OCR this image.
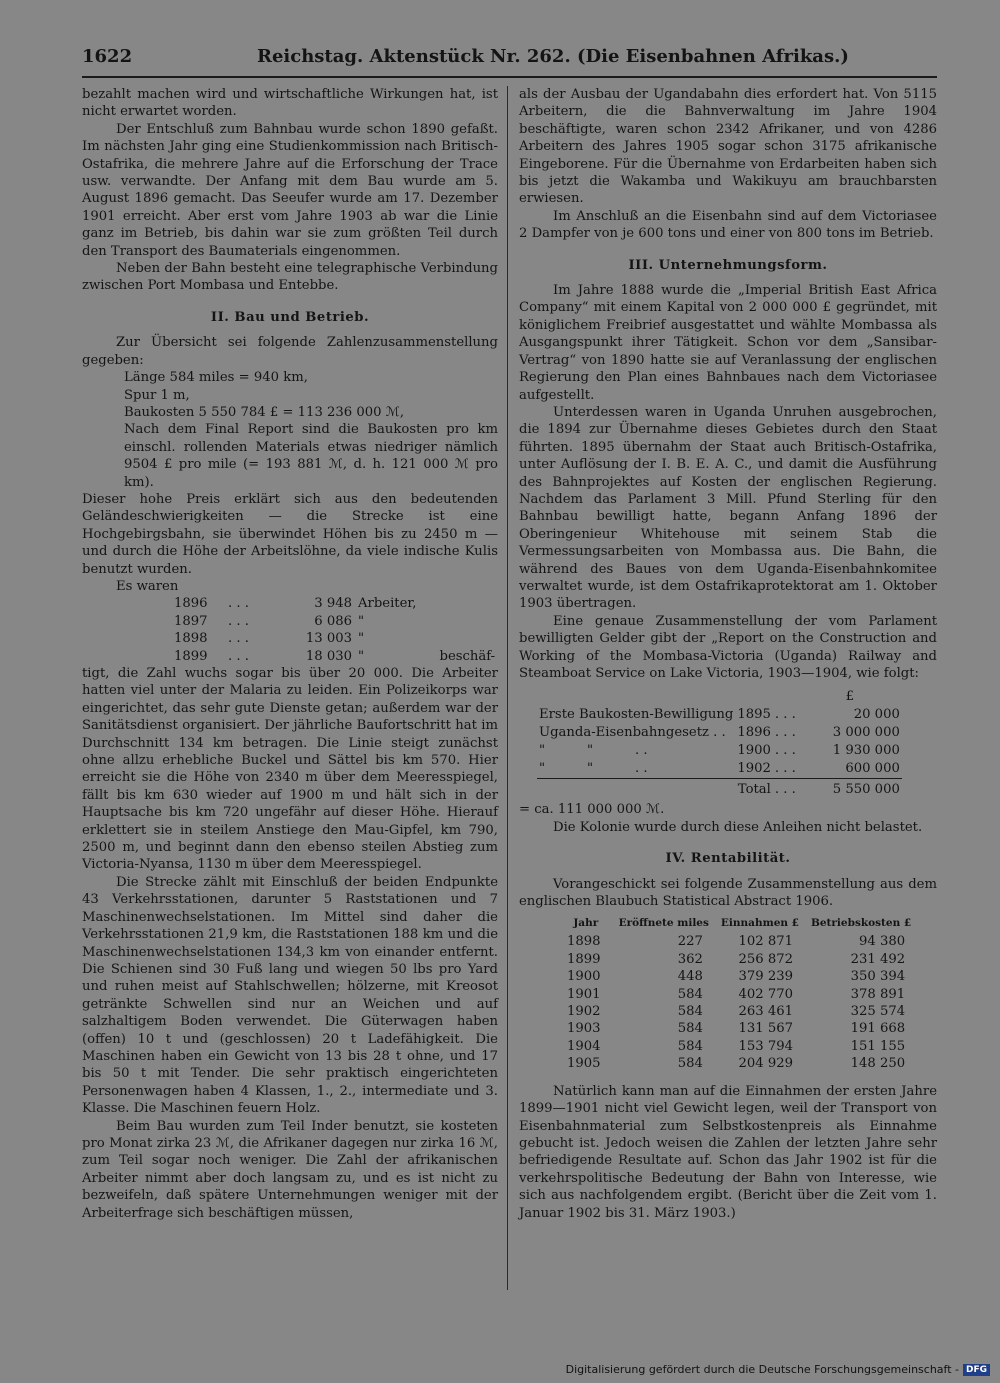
1622	Reichstag. Aktenstück Nr. 262. (Die Eisenbahnen Afrikas.)

bezahlt machen wird und wirtschaftliche Wirkungen hat, ist nicht erwartet worden.

Der Entschluß zum Bahnbau wurde schon 1890 gefaßt. Im nächsten Jahr ging eine Studienkommission nach Britisch-Ostafrika, die mehrere Jahre auf die Erforschung der Trace usw. verwandte. Der Anfang mit dem Bau wurde am 5. August 1896 gemacht. Das Seeufer wurde am 17. Dezember 1901 erreicht. Aber erst vom Jahre 1903 ab war die Linie ganz im Betrieb, bis dahin war sie zum größten Teil durch den Transport des Baumaterials eingenommen.

Neben der Bahn besteht eine telegraphische Verbindung zwischen Port Mombasa und Entebbe.

II. Bau und Betrieb.

Zur Übersicht sei folgende Zahlenzusammenstellung gegeben:

Länge 584 miles = 940 km,
Spur 1 m,
Baukosten 5 550 784 £ = 113 236 000 ℳ,
Nach dem Final Report sind die Baukosten pro km einschl. rollenden Materials etwas niedriger nämlich 9504 £ pro mile (= 193 881 ℳ, d. h. 121 000 ℳ pro km).

Dieser hohe Preis erklärt sich aus den bedeutenden Geländeschwierigkeiten — die Strecke ist eine Hochgebirgsbahn, sie überwindet Höhen bis zu 2450 m — und durch die Höhe der Arbeitslöhne, da viele indische Kulis benutzt wurden.

Es waren

1896	. . .	3 948 Arbeiter,
1897	. . .	6 086 "
1898	. . .	13 003 "
1899	. . .	18 030 "                  beschäf-

tigt, die Zahl wuchs sogar bis über 20 000. Die Arbeiter hatten viel unter der Malaria zu leiden. Ein Polizeikorps war eingerichtet, das sehr gute Dienste getan; außerdem war der Sanitätsdienst organisiert. Der jährliche Baufortschritt hat im Durchschnitt 134 km betragen. Die Linie steigt zunächst ohne allzu erhebliche Buckel und Sättel bis km 570. Hier erreicht sie die Höhe von 2340 m über dem Meeresspiegel, fällt bis km 630 wieder auf 1900 m und hält sich in der Hauptsache bis km 720 ungefähr auf dieser Höhe. Hierauf erklettert sie in steilem Anstiege den Mau-Gipfel, km 790, 2500 m, und beginnt dann den ebenso steilen Abstieg zum Victoria-Nyansa, 1130 m über dem Meeresspiegel.

Die Strecke zählt mit Einschluß der beiden Endpunkte 43 Verkehrsstationen, darunter 5 Raststationen und 7 Maschinenwechselstationen. Im Mittel sind daher die Verkehrsstationen 21,9 km, die Raststationen 188 km und die Maschinenwechselstationen 134,3 km von einander entfernt. Die Schienen sind 30 Fuß lang und wiegen 50 lbs pro Yard und ruhen meist auf Stahlschwellen; hölzerne, mit Kreosot getränkte Schwellen sind nur an Weichen und auf salzhaltigem Boden verwendet. Die Güterwagen haben (offen) 10 t und (geschlossen) 20 t Ladefähigkeit. Die Maschinen haben ein Gewicht von 13 bis 28 t ohne, und 17 bis 50 t mit Tender. Die sehr praktisch eingerichteten Personenwagen haben 4 Klassen, 1., 2., intermediate und 3. Klasse. Die Maschinen feuern Holz.

Beim Bau wurden zum Teil Inder benutzt, sie kosteten pro Monat zirka 23 ℳ, die Afrikaner dagegen nur zirka 16 ℳ, zum Teil sogar noch weniger. Die Zahl der afrikanischen Arbeiter nimmt aber doch langsam zu, und es ist nicht zu bezweifeln, daß spätere Unternehmungen weniger mit der Arbeiterfrage sich beschäftigen müssen,

als der Ausbau der Ugandabahn dies erfordert hat. Von 5115 Arbeitern, die die Bahnverwaltung im Jahre 1904 beschäftigte, waren schon 2342 Afrikaner, und von 4286 Arbeitern des Jahres 1905 sogar schon 3175 afrikanische Eingeborene. Für die Übernahme von Erdarbeiten haben sich bis jetzt die Wakamba und Wakikuyu am brauchbarsten erwiesen.

Im Anschluß an die Eisenbahn sind auf dem Victoriasee 2 Dampfer von je 600 tons und einer von 800 tons im Betrieb.

III. Unternehmungsform.

Im Jahre 1888 wurde die „Imperial British East Africa Company“ mit einem Kapital von 2 000 000 £ gegründet, mit königlichem Freibrief ausgestattet und wählte Mombassa als Ausgangspunkt ihrer Tätigkeit. Schon vor dem „Sansibar-Vertrag“ von 1890 hatte sie auf Veranlassung der englischen Regierung den Plan eines Bahnbaues nach dem Victoriasee aufgestellt.

Unterdessen waren in Uganda Unruhen ausgebrochen, die 1894 zur Übernahme dieses Gebietes durch den Staat führten. 1895 übernahm der Staat auch Britisch-Ostafrika, unter Auflösung der I. B. E. A. C., und damit die Ausführung des Bahnprojektes auf Kosten der englischen Regierung. Nachdem das Parlament 3 Mill. Pfund Sterling für den Bahnbau bewilligt hatte, begann Anfang 1896 der Oberingenieur Whitehouse mit seinem Stab die Vermessungsarbeiten von Mombassa aus. Die Bahn, die während des Baues von dem Uganda-Eisenbahnkomitee verwaltet wurde, ist dem Ostafrikaprotektorat am 1. Oktober 1903 übertragen.

Eine genaue Zusammenstellung der vom Parlament bewilligten Gelder gibt der „Report on the Construction and Working of the Mombasa-Victoria (Uganda) Railway and Steamboat Service on Lake Victoria, 1903—1904, wie folgt:

			£
Erste Baukosten-Bewilligung	1895	. . .	20 000
Uganda-Eisenbahngesetz . .	1896	. . .	3 000 000
"          "          . .	1900	. . .	1 930 000
"          "          . .	1902	. . .	600 000
Total		. . .	5 550 000

= ca. 111 000 000 ℳ.

Die Kolonie wurde durch diese Anleihen nicht belastet.

IV. Rentabilität.

Vorangeschickt sei folgende Zusammenstellung aus dem englischen Blaubuch Statistical Abstract 1906.

Jahr	Eröffnete miles	Einnahmen £	Betriebskosten £
1898	227	102 871	94 380
1899	362	256 872	231 492
1900	448	379 239	350 394
1901	584	402 770	378 891
1902	584	263 461	325 574
1903	584	131 567	191 668
1904	584	153 794	151 155
1905	584	204 929	148 250

Natürlich kann man auf die Einnahmen der ersten Jahre 1899—1901 nicht viel Gewicht legen, weil der Transport von Eisenbahnmaterial zum Selbstkostenpreis als Einnahme gebucht ist. Jedoch weisen die Zahlen der letzten Jahre sehr befriedigende Resultate auf. Schon das Jahr 1902 ist für die verkehrspolitische Bedeutung der Bahn von Interesse, wie sich aus nachfolgendem ergibt. (Bericht über die Zeit vom 1. Januar 1902 bis 31. März 1903.)

Digitalisierung gefördert durch die Deutsche Forschungsgemeinschaft - DFG
